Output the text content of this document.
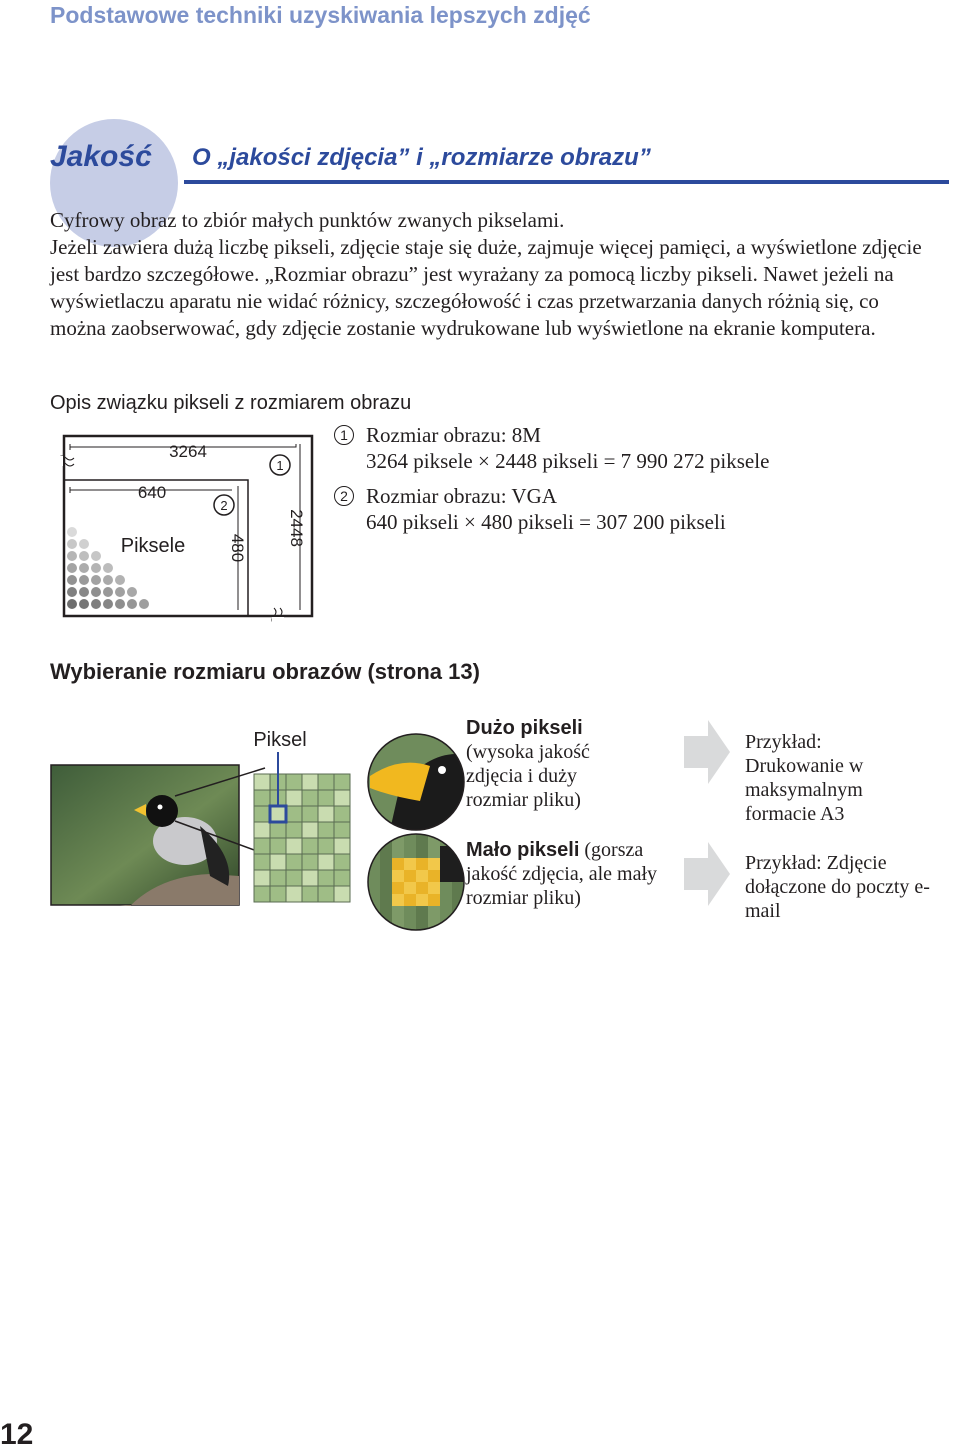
Podstawowe techniki uzyskiwania lepszych zdjęć
Jakość O „jakości zdjęcia” i „rozmiarze obrazu”

Cyfrowy obraz to zbiór małych punktów zwanych pikselami.

Jeżeli zawiera dużą liczbę pikseli, zdjęcie staje się duże, zajmuje więcej pamięci, a wyświetlone zdjęcie jest bardzo szczegółowe. „Rozmiar obrazu” jest wyrażany za pomocą liczby pikseli. Nawet jeżeli na wyświetlaczu aparatu nie widać różnicy, szczegółowość i czas przetwarzania danych różnią się, co można zaobserwować, gdy zdjęcie zostanie wydrukowane lub wyświetlone na ekranie komputera.

Opis związku pikseli z rozmiarem obrazu
3264
640
Piksele	480
2448
1
2
1 Rozmiar obrazu: 8M
3264 piksele × 2448 pikseli = 7 990 272 piksele
2 Rozmiar obrazu: VGA
640 pikseli × 480 pikseli = 307 200 pikseli
Wybieranie rozmiaru obrazów (strona 13)
Piksel
Dużo pikseli (wysoka jakość zdjęcia i duży rozmiar pliku)
Przykład: Drukowanie w maksymalnym formacie A3
Mało pikseli (gorsza jakość zdjęcia, ale mały rozmiar pliku)
Przykład: Zdjęcie dołączone do poczty e-mail
12
